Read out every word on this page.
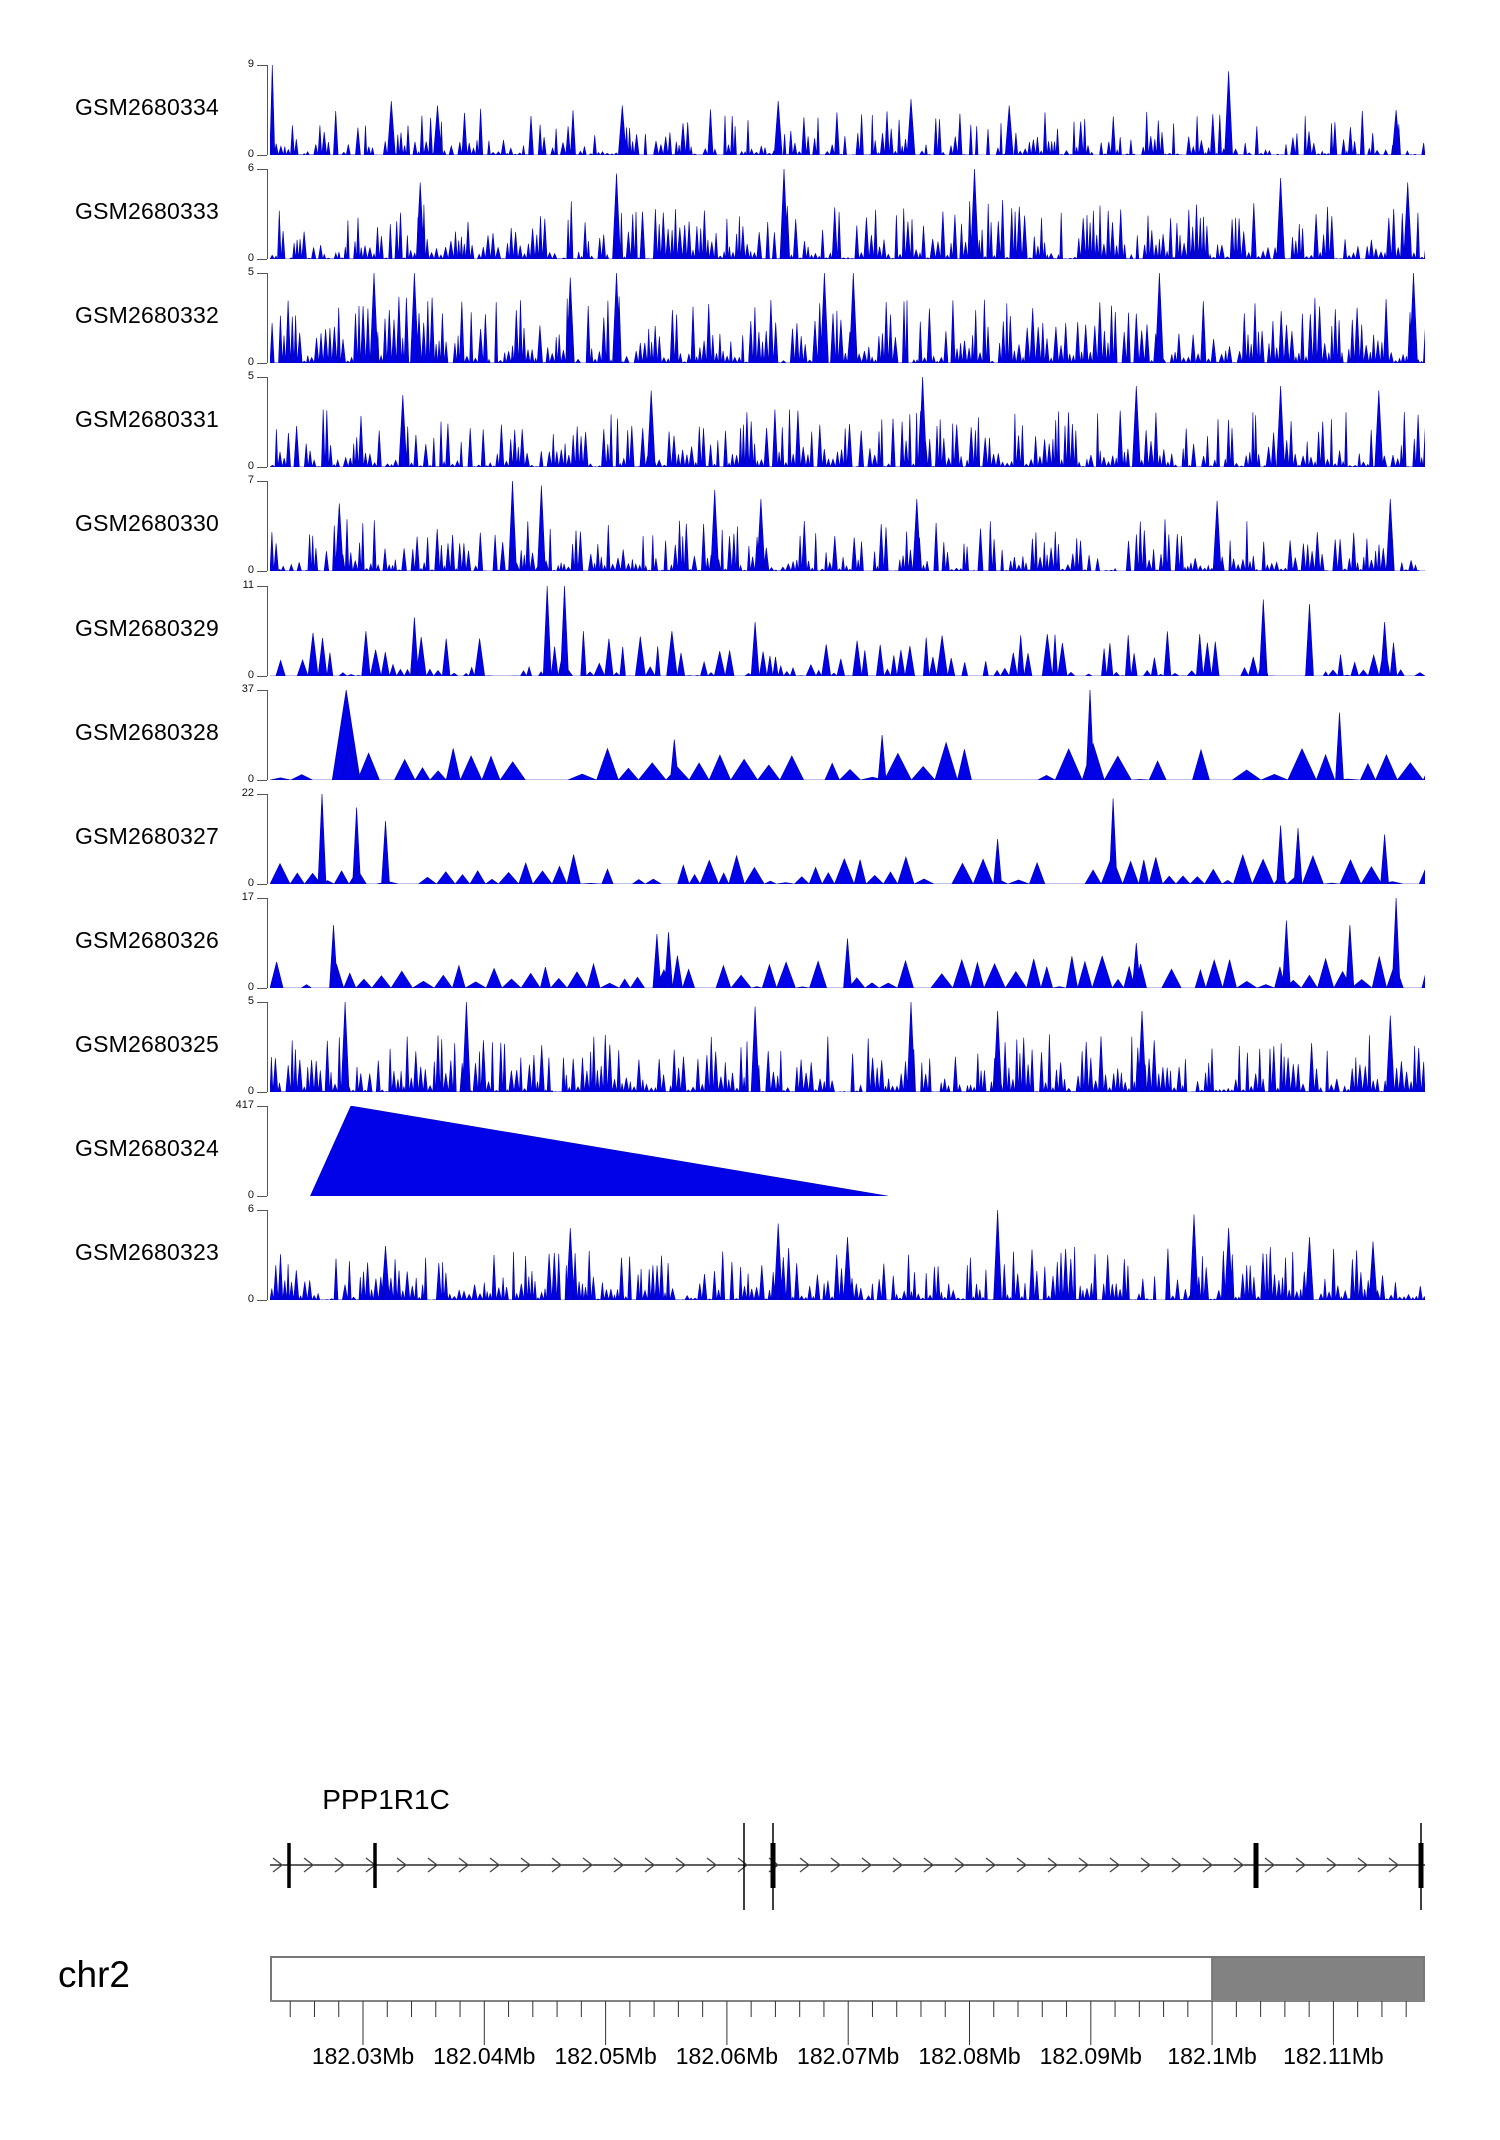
GSM2680334
9
0
GSM2680333
6
0
GSM2680332
5
0
GSM2680331
5
0
GSM2680330
7
0
GSM2680329
11
0
GSM2680328
37
0
GSM2680327
22
0
GSM2680326
17
0
GSM2680325
5
0
GSM2680324
417
0
GSM2680323
6
0
PPP1R1C
chr2
182.03Mb 182.04Mb 182.05Mb 182.06Mb 182.07Mb 182.08Mb 182.09Mb 182.1Mb 182.11Mb
